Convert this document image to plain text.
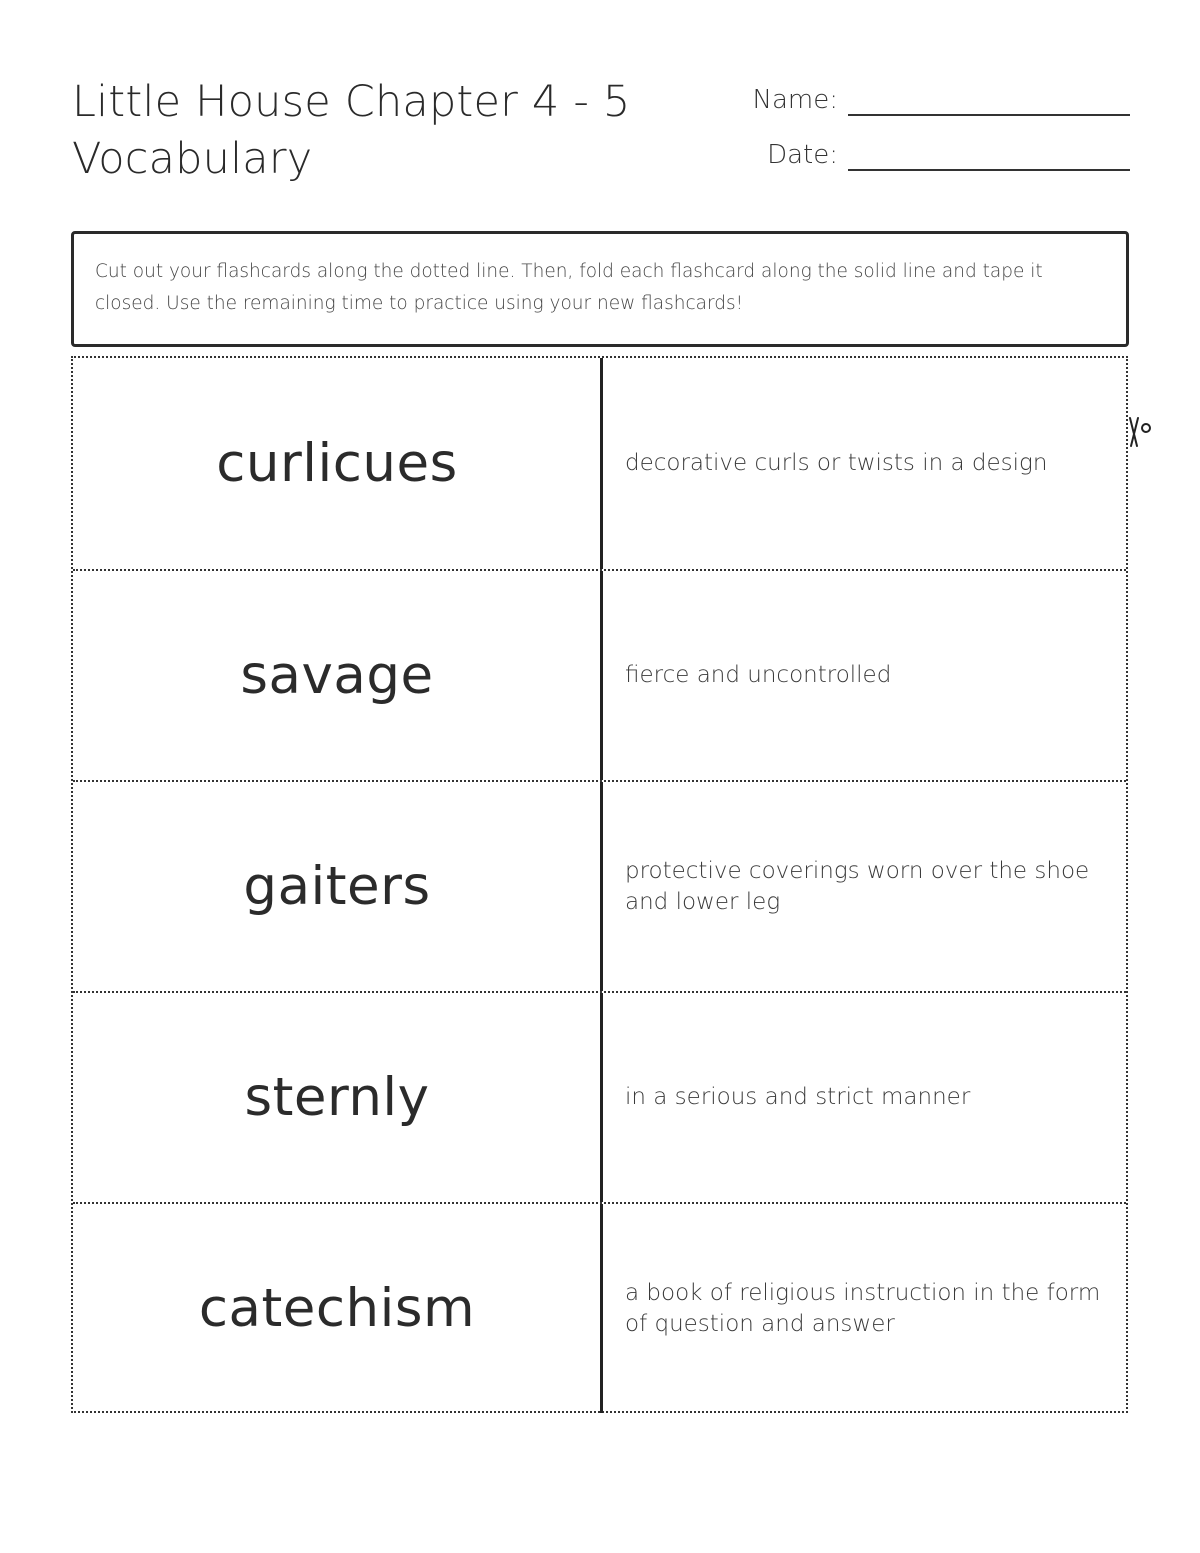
Little House Chapter 4 - 5
Vocabulary
Name:
Date:
Cut out your flashcards along the dotted line. Then, fold each flashcard along the solid line and tape it closed. Use the remaining time to practice using your new flashcards!
curlicues	decorative curls or twists in a design
savage	fierce and uncontrolled
gaiters	protective coverings worn over the shoe and lower leg
sternly	in a serious and strict manner
catechism	a book of religious instruction in the form of question and answer
